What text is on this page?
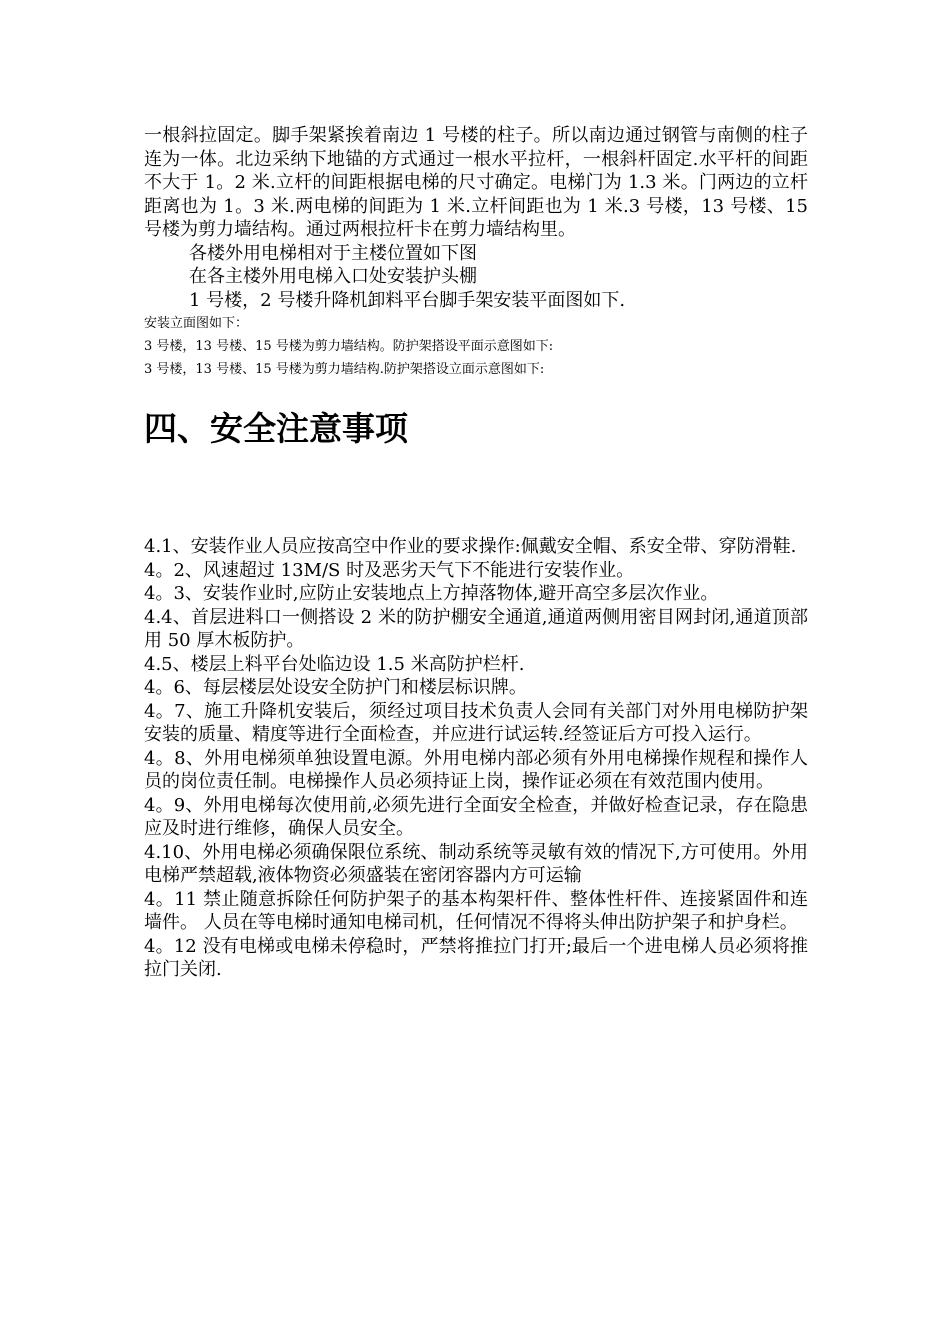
一根斜拉固定。脚手架紧挨着南边 1 号楼的柱子。所以南边通过钢管与南侧的柱子连为一体。北边采纳下地锚的方式通过一根水平拉杆，一根斜杆固定.水平杆的间距不大于 1。2 米.立杆的间距根据电梯的尺寸确定。电梯门为 1.3 米。门两边的立杆距离也为 1。3 米.两电梯的间距为 1 米.立杆间距也为 1 米.3 号楼，13 号楼、15 号楼为剪力墙结构。通过两根拉杆卡在剪力墙结构里。

各楼外用电梯相对于主楼位置如下图

在各主楼外用电梯入口处安装护头棚

1 号楼，2 号楼升降机卸料平台脚手架安装平面图如下.

安装立面图如下：

3 号楼，13 号楼、15 号楼为剪力墙结构。防护架搭设平面示意图如下:

3 号楼，13 号楼、15 号楼为剪力墙结构.防护架搭设立面示意图如下:

四、安全注意事项

4.1、安装作业人员应按高空中作业的要求操作:佩戴安全帽、系安全带、穿防滑鞋.

4。2、风速超过 13M/S 时及恶劣天气下不能进行安装作业。

4。3、安装作业时,应防止安装地点上方掉落物体,避开高空多层次作业。

4.4、首层进料口一侧搭设 2 米的防护棚安全通道,通道两侧用密目网封闭,通道顶部用 50 厚木板防护。

4.5、楼层上料平台处临边设 1.5 米高防护栏杆.

4。6、每层楼层处设安全防护门和楼层标识牌。

4。7、施工升降机安装后，须经过项目技术负责人会同有关部门对外用电梯防护架安装的质量、精度等进行全面检查，并应进行试运转.经签证后方可投入运行。

4。8、外用电梯须单独设置电源。外用电梯内部必须有外用电梯操作规程和操作人员的岗位责任制。电梯操作人员必须持证上岗，操作证必须在有效范围内使用。

4。9、外用电梯每次使用前,必须先进行全面安全检查，并做好检查记录，存在隐患应及时进行维修，确保人员安全。

4.10、外用电梯必须确保限位系统、制动系统等灵敏有效的情况下,方可使用。外用电梯严禁超载,液体物资必须盛装在密闭容器内方可运输

4。11 禁止随意拆除任何防护架子的基本构架杆件、整体性杆件、连接紧固件和连墙件。 人员在等电梯时通知电梯司机，任何情况不得将头伸出防护架子和护身栏。

4。12 没有电梯或电梯未停稳时，严禁将推拉门打开;最后一个进电梯人员必须将推拉门关闭.
